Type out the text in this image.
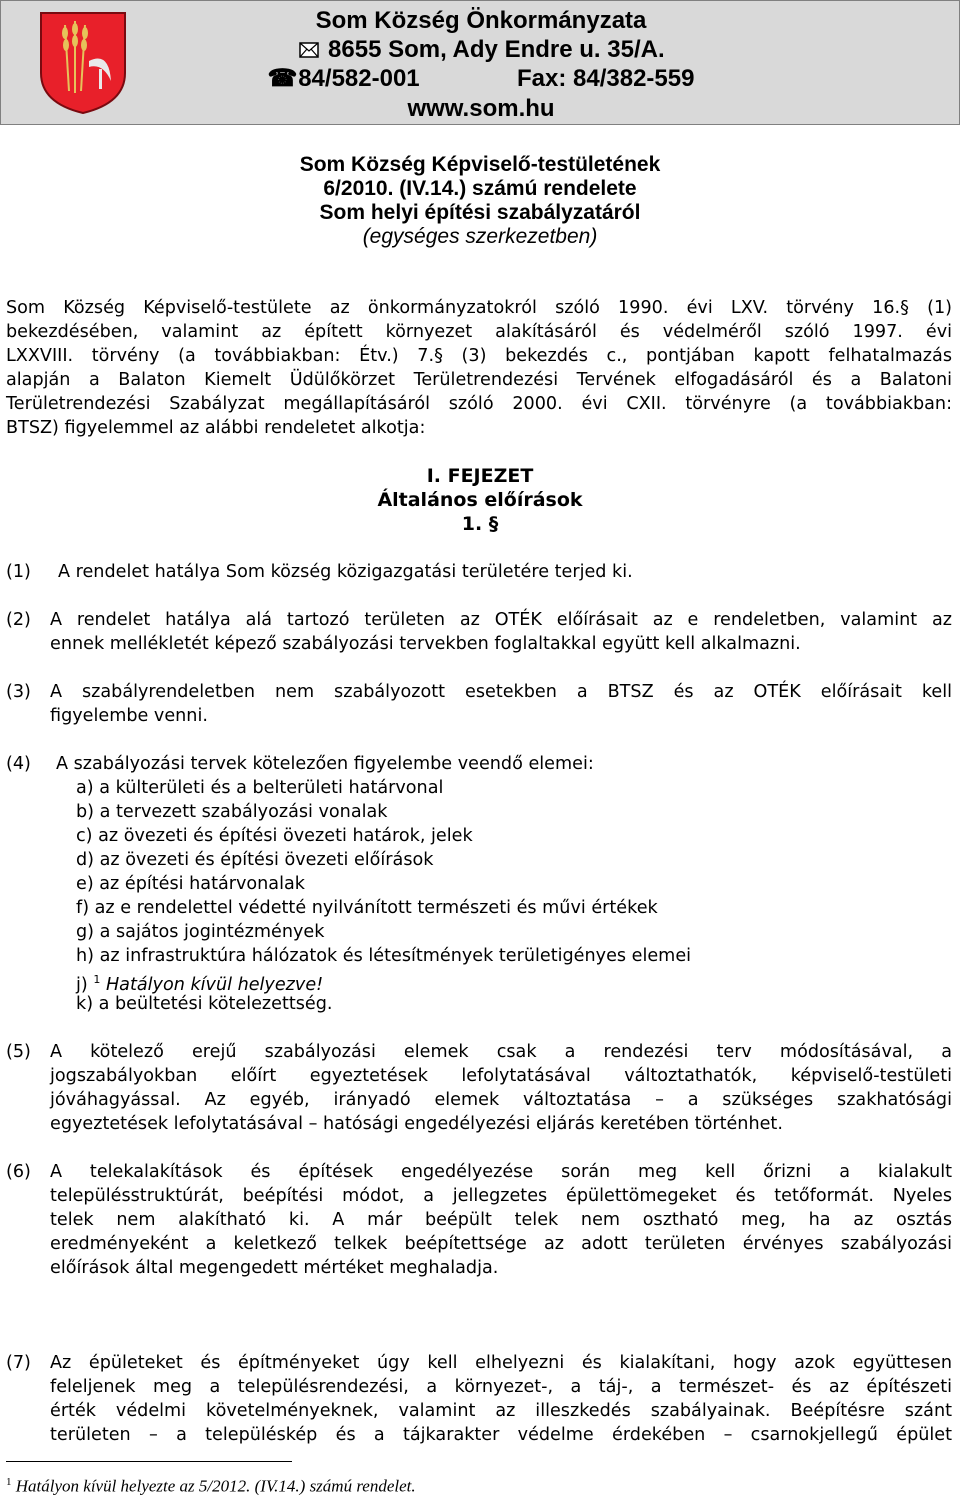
Som Község Önkormányzata
8655 Som, Ady Endre u. 35/A.
☎ 84/582-001	Fax: 84/382-559
www.som.hu
Som Község Képviselő-testületének
6/2010. (IV.14.) számú rendelete
Som helyi építési szabályzatáról
(egységes szerkezetben)
Som Község Képviselő-testülete az önkormányzatokról szóló 1990. évi LXV. törvény 16.§ (1)
bekezdésében, valamint az épített környezet alakításáról és védelméről szóló 1997. évi
LXXVIII. törvény (a továbbiakban: Étv.) 7.§ (3) bekezdés c., pontjában kapott felhatalmazás
alapján a Balaton Kiemelt Üdülőkörzet Területrendezési Tervének elfogadásáról és a Balatoni
Területrendezési Szabályzat megállapításáról szóló 2000. évi CXII. törvényre (a továbbiakban:
BTSZ) figyelemmel az alábbi rendeletet alkotja:
I. FEJEZET
Általános előírások
1. §
(1) A rendelet hatálya Som község közigazgatási területére terjed ki.
(2) A rendelet hatálya alá tartozó területen az OTÉK előírásait az e rendeletben, valamint az
ennek mellékletét képező szabályozási tervekben foglaltakkal együtt kell alkalmazni.
(3) A szabályrendeletben nem szabályozott esetekben a BTSZ és az OTÉK előírásait kell
figyelembe venni.
(4) A szabályozási tervek kötelezően figyelembe veendő elemei:
a) a külterületi és a belterületi határvonal
b) a tervezett szabályozási vonalak
c) az övezeti és építési övezeti határok, jelek
d) az övezeti és építési övezeti előírások
e) az építési határvonalak
f) az e rendelettel védetté nyilvánított természeti és művi értékek
g) a sajátos jogintézmények
h) az infrastruktúra hálózatok és létesítmények területigényes elemei
j) $^1$ Hatályon kívül helyezve!
k) a beültetési kötelezettség.
(5) A kötelező erejű szabályozási elemek csak a rendezési terv módosításával, a
jogszabályokban előírt egyeztetések lefolytatásával változtathatók, képviselő-testületi
jóváhagyással. Az egyéb, irányadó elemek változtatása – a szükséges szakhatósági
egyeztetések lefolytatásával – hatósági engedélyezési eljárás keretében történhet.
(6) A telekalakítások és építések engedélyezése során meg kell őrizni a kialakult
településstruktúrát, beépítési módot, a jellegzetes épülettömegeket és tetőformát. Nyeles
telek nem alakítható ki. A már beépült telek nem osztható meg, ha az osztás
eredményeként a keletkező telkek beépítettsége az adott területen érvényes szabályozási
előírások által megengedett mértéket meghaladja.
(7) Az épületeket és építményeket úgy kell elhelyezni és kialakítani, hogy azok együttesen
feleljenek meg a településrendezési, a környezet-, a táj-, a természet- és az építészeti
érték védelmi követelményeknek, valamint az illeszkedés szabályainak. Beépítésre szánt
területen – a településkép és a tájkarakter védelme érdekében – csarnokjellegű épület
$^1$ Hatályon kívül helyezte az 5/2012. (IV.14.) számú rendelet.
